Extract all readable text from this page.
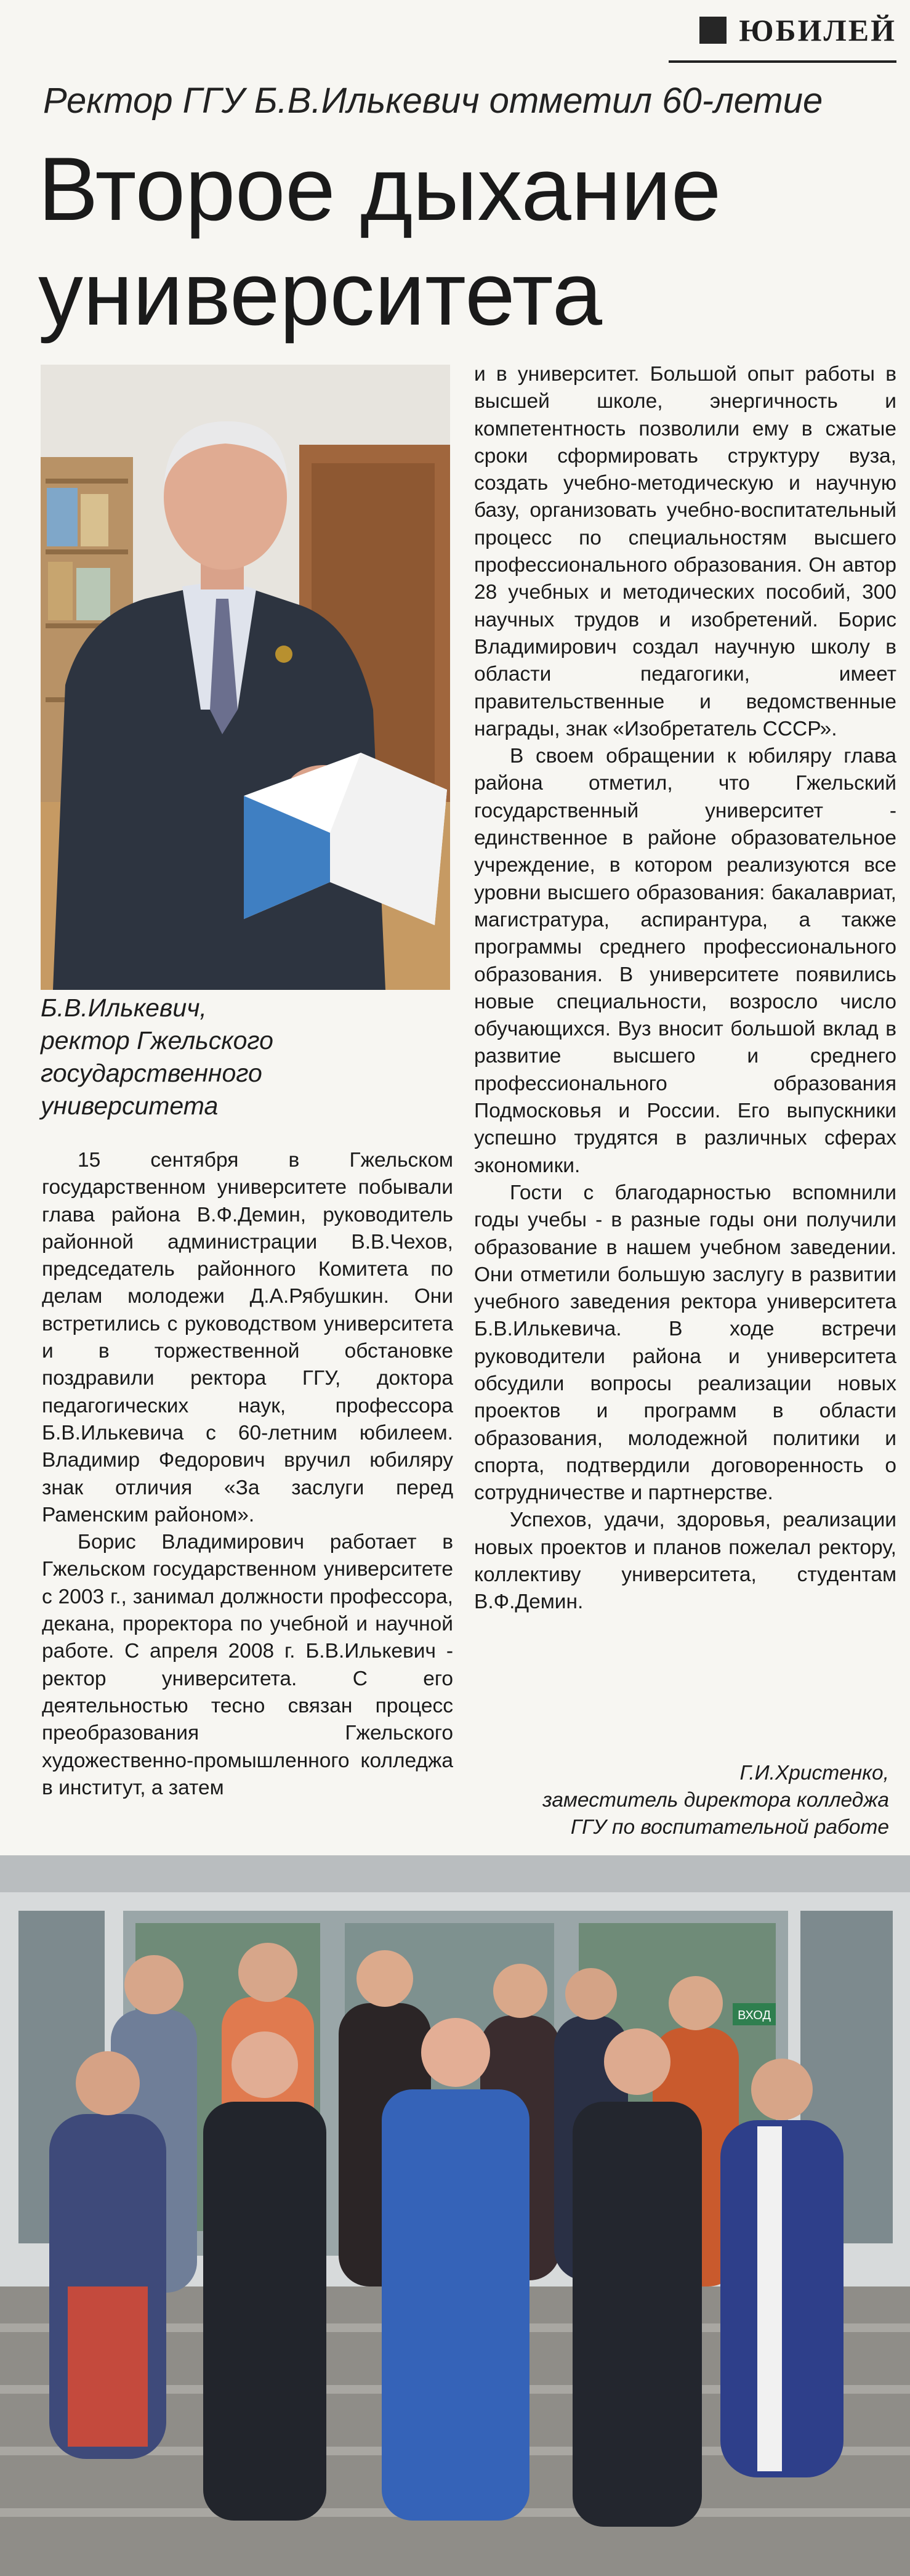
ЮБИЛЕЙ
Ректор ГГУ Б.В.Илькевич отметил 60-летие
Второе дыхание
университета
Б.В.Илькевич,
ректор Гжельского
государственного
университета

15 сентября в Гжельском государственном университете побывали глава района В.Ф.Демин, руководитель районной администрации В.В.Чехов, председатель районного Комитета по делам молодежи Д.А.Рябушкин. Они встретились с руководством университета и в торжественной обстановке поздравили ректора ГГУ, доктора педагогических наук, профессора Б.В.Илькевича с 60-летним юбилеем. Владимир Федорович вручил юбиляру знак отличия «За заслуги перед Раменским районом».

Борис Владимирович работает в Гжельском государственном университете с 2003 г., занимал должности профессора, декана, проректора по учебной и научной работе. С апреля 2008 г. Б.В.Илькевич - ректор университета. С его деятельностью тесно связан процесс преобразования Гжельского художественно-промышленного колледжа в институт, а затем

и в университет. Большой опыт работы в высшей школе, энергичность и компетентность позволили ему в сжатые сроки сформировать структуру вуза, создать учебно-методическую и научную базу, организовать учебно-воспитательный процесс по специальностям высшего профессионального образования. Он автор 28 учебных и методических пособий, 300 научных трудов и изобретений. Борис Владимирович создал научную школу в области педагогики, имеет правительственные и ведомственные награды, знак «Изобретатель СССР».

В своем обращении к юбиляру глава района отметил, что Гжельский государственный университет - единственное в районе образовательное учреждение, в котором реализуются все уровни высшего образования: бакалавриат, магистратура, аспирантура, а также программы среднего профессионального образования. В университете появились новые специальности, возросло число обучающихся. Вуз вносит большой вклад в развитие высшего и среднего профессионального образования Подмосковья и России. Его выпускники успешно трудятся в различных сферах экономики.

Гости с благодарностью вспомнили годы учебы - в разные годы они получили образование в нашем учебном заведении. Они отметили большую заслугу в развитии учебного заведения ректора университета Б.В.Илькевича. В ходе встречи руководители района и университета обсудили вопросы реализации новых проектов и программ в области образования, молодежной политики и спорта, подтвердили договоренность о сотрудничестве и партнерстве.

Успехов, удачи, здоровья, реализации новых проектов и планов пожелал ректору, коллективу университета, студентам В.Ф.Демин.

Г.И.Христенко,
заместитель директора колледжа
ГГУ по воспитательной работе
ВХОД
